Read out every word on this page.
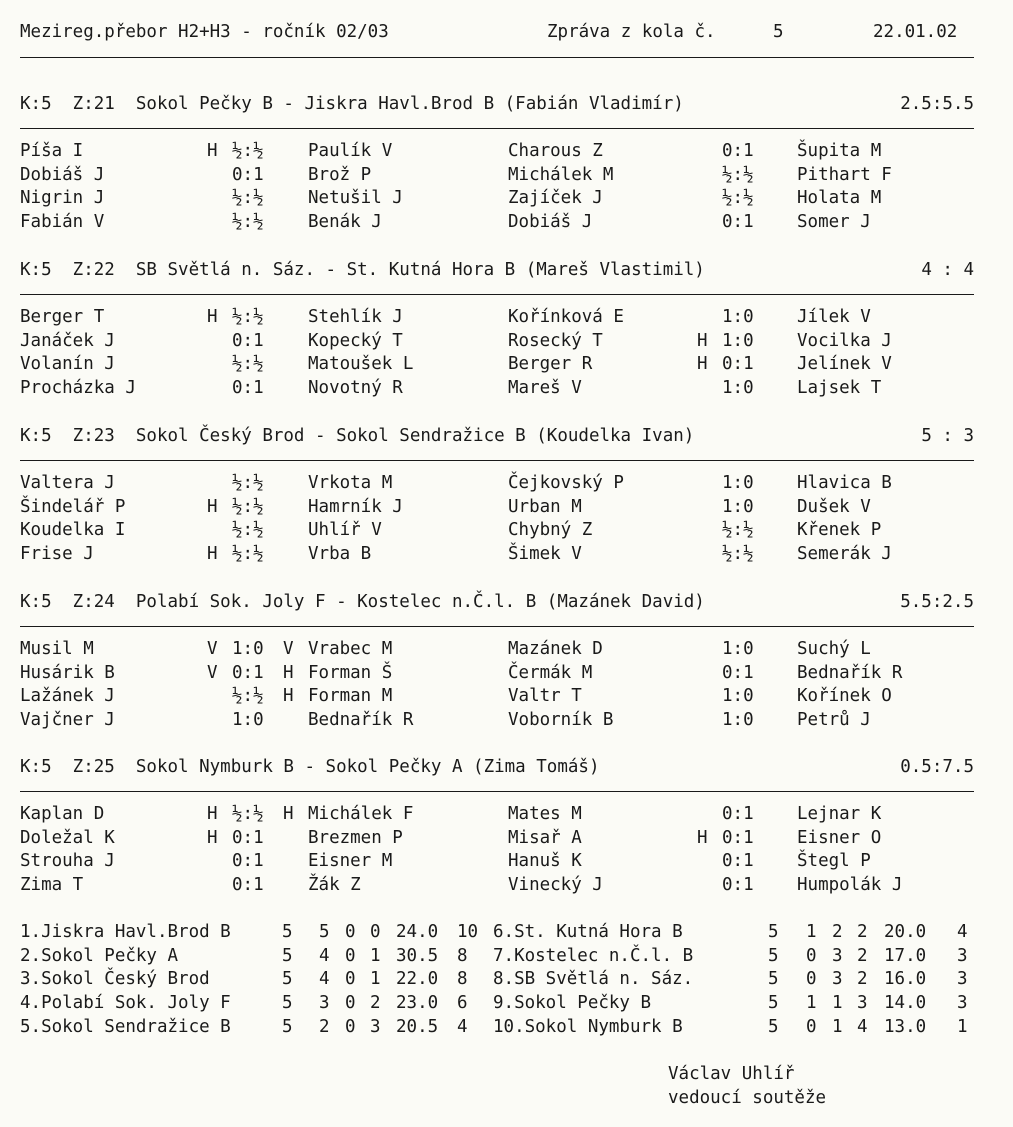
Mezireg.přebor H2+H3 - ročník 02/03	Zpráva z kola č.	5	22.01.02
K:5  Z:21  Sokol Pečky B - Jiskra Havl.Brod B (Fabián Vladimír)	2.5:5.5
Píša I	H ½:½	Paulík V	Charous Z	0:1 Šupita M
Dobiáš J	0:1	Brož P	Michálek M	½:½ Pithart F
Nigrin J	½:½	Netušil J	Zajíček J	½:½ Holata M
Fabián V	½:½	Benák J	Dobiáš J	0:1 Somer J
K:5  Z:22  SB Světlá n. Sáz. - St. Kutná Hora B (Mareš Vlastimil)	4 : 4
Berger T	H ½:½	Stehlík J	Kořínková E	1:0 Jílek V
Janáček J	0:1	Kopecký T	Rosecký T	H 1:0 Vocilka J
Volanín J	½:½	Matoušek L	Berger R	H 0:1 Jelínek V
Procházka J	0:1	Novotný R	Mareš V	1:0 Lajsek T
K:5  Z:23  Sokol Český Brod - Sokol Sendražice B (Koudelka Ivan)	5 : 3
Valtera J	½:½	Vrkota M	Čejkovský P	1:0 Hlavica B
Šindelář P	H ½:½	Hamrník J	Urban M	1:0 Dušek V
Koudelka I	½:½	Uhlíř V	Chybný Z	½:½ Křenek P
Frise J	H ½:½	Vrba B	Šimek V	½:½ Semerák J
K:5  Z:24  Polabí Sok. Joly F - Kostelec n.Č.l. B (Mazánek David)	5.5:2.5
Musil M	V 1:0 V Vrabec M	Mazánek D	1:0 Suchý L
Husárik B	V 0:1 H Forman Š	Čermák M	0:1 Bednařík R
Lažánek J	½:½ H Forman M	Valtr T	1:0 Kořínek O
Vajčner J	1:0	Bednařík R	Voborník B	1:0 Petrů J
K:5  Z:25  Sokol Nymburk B - Sokol Pečky A (Zima Tomáš)	0.5:7.5
Kaplan D	H ½:½ H Michálek F	Mates M	0:1 Lejnar K
Doležal K	H 0:1	Brezmen P	Misař A	H 0:1 Eisner O
Strouha J	0:1	Eisner M	Hanuš K	0:1 Štegl P
Zima T	0:1	Žák Z	Vinecký J	0:1 Humpolák J
1.Jiskra Havl.Brod B	5 5 0 0 24.0 10
2.Sokol Pečky A	5 4 0 1 30.5 8
3.Sokol Český Brod	5 4 0 1 22.0 8
4.Polabí Sok. Joly F	5 3 0 2 23.0 6
5.Sokol Sendražice B	5 2 0 3 20.5 4
6.St. Kutná Hora B	5 1 2 2 20.0 4
7.Kostelec n.Č.l. B	5 0 3 2 17.0 3
8.SB Světlá n. Sáz.	5 0 3 2 16.0 3
9.Sokol Pečky B	5 1 1 3 14.0 3
10.Sokol Nymburk B	5 0 1 4 13.0 1
Václav Uhlíř
vedoucí soutěže
